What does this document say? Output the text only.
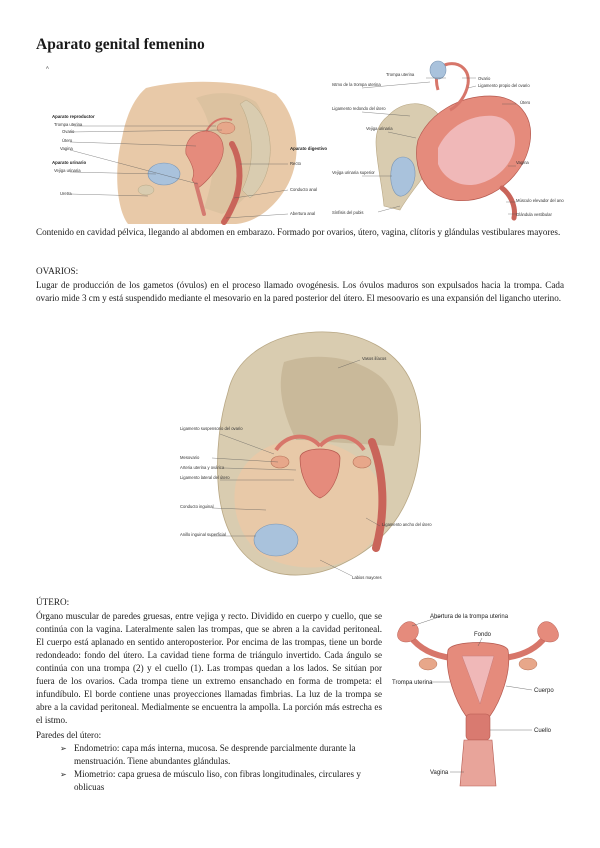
Aparato genital femenino
A
Aparato reproductor
Trompa uterina
Ovario
Útero
Vagina
Aparato urinario
Vejiga urinaria
Uretra
Aparato digestivo
Recto
Conducto anal
Abertura anal
Trompa uterina
Ovario
Ligamento propio del ovario
Útero
Istmo de la trompa uterina
Ligamento redondo del útero
Vejiga urinaria
Vagina
Vejiga urinaria superior
Sínfisis del pubis
Músculo elevador del ano
Glándula vestibular

Contenido en cavidad pélvica, llegando al abdomen en embarazo. Formado por ovarios, útero, vagina, clítoris y glándulas vestibulares mayores.

OVARIOS:

Lugar de producción de los gametos (óvulos) en el proceso llamado ovogénesis. Los óvulos maduros son expulsados hacia la trompa. Cada ovario mide 3 cm y está suspendido mediante el mesovario en la pared posterior del útero. El mesoovario es una expansión del ligancho uterino.

Vasos ilíacos
Ligamento suspensorio del ovario
Mesovario
Arteria uterina y ovárica
Ligamento lateral del útero
Conducto inguinal
Anillo inguinal superficial
Ligamento ancho del útero
Labios mayores

ÚTERO:

Órgano muscular de paredes gruesas, entre vejiga y recto. Dividido en cuerpo y cuello, que se continúa con la vagina. Lateralmente salen las trompas, que se abren a la cavidad peritoneal. El cuerpo está aplanado en sentido anteroposterior. Por encima de las trompas, tiene un borde redondeado: fondo del útero. La cavidad tiene forma de triángulo invertido. Cada ángulo se continúa con una trompa (2) y el cuello (1). Las trompas quedan a los lados. Se sitúan por fuera de los ovarios. Cada trompa tiene un extremo ensanchado en forma de trompeta: el infundíbulo. El borde contiene unas proyecciones llamadas fimbrias. La luz de la trompa se abre a la cavidad peritoneal. Medialmente se encuentra la ampolla. La porción más estrecha es el istmo.

Paredes del útero:

➢ Endometrio: capa más interna, mucosa. Se desprende parcialmente durante la menstruación. Tiene abundantes glándulas.
➢ Miometrio: capa gruesa de músculo liso, con fibras longitudinales, circulares y oblicuas
Abertura de la trompa uterina
Fondo
Trompa uterina
Cuerpo
Cuello
Vagina
